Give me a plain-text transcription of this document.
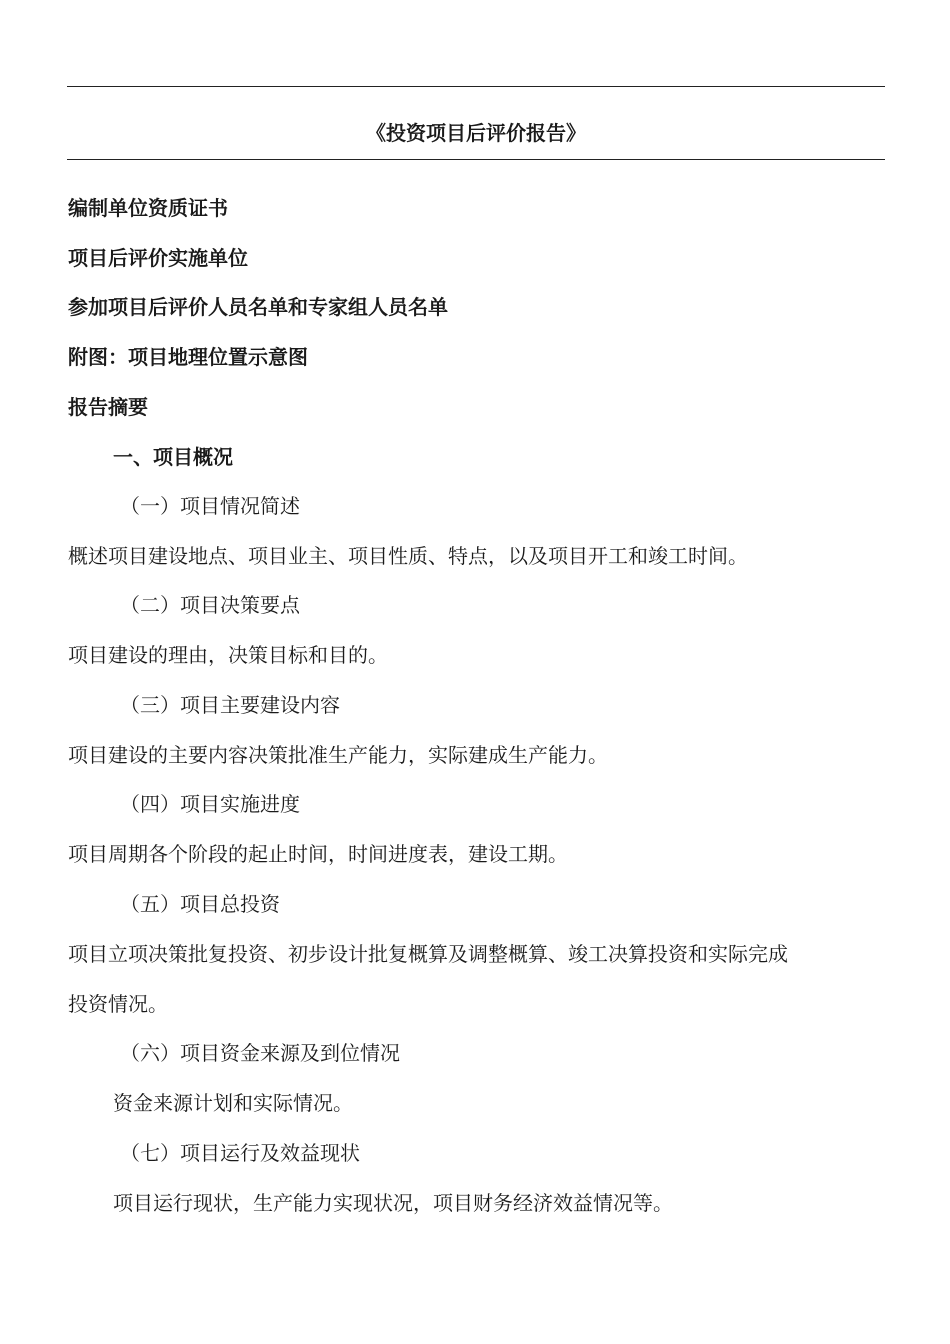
《投资项目后评价报告》

编制单位资质证书

项目后评价实施单位

参加项目后评价人员名单和专家组人员名单

附图：项目地理位置示意图

报告摘要

一、项目概况

（一）项目情况简述

概述项目建设地点、项目业主、项目性质、特点，以及项目开工和竣工时间。

（二）项目决策要点

项目建设的理由，决策目标和目的。

（三）项目主要建设内容

项目建设的主要内容决策批准生产能力，实际建成生产能力。

（四）项目实施进度

项目周期各个阶段的起止时间，时间进度表，建设工期。

（五）项目总投资

项目立项决策批复投资、初步设计批复概算及调整概算、竣工决算投资和实际完成

投资情况。

（六）项目资金来源及到位情况

资金来源计划和实际情况。

（七）项目运行及效益现状

项目运行现状，生产能力实现状况，项目财务经济效益情况等。
